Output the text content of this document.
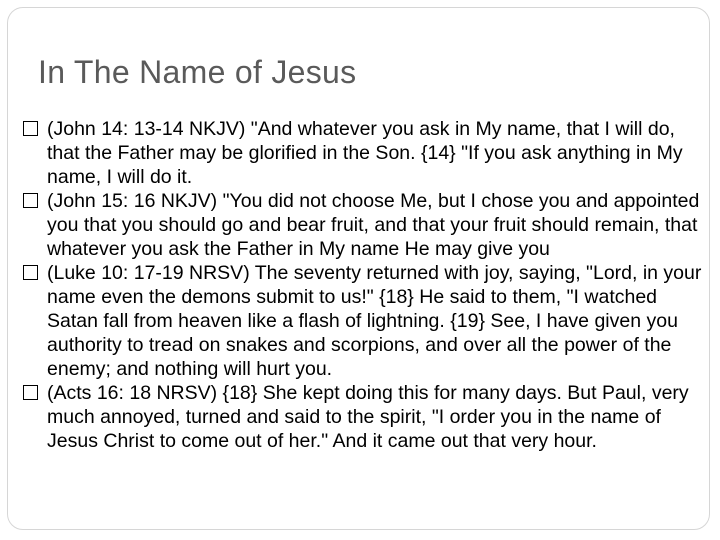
In The Name of Jesus
(John 14: 13-14 NKJV) "And whatever you ask in My name, that I will do, that the Father may be glorified in the Son. {14} "If you ask anything in My name, I will do it.
(John 15: 16 NKJV) "You did not choose Me, but I chose you and appointed you that you should go and bear fruit, and that your fruit should remain, that whatever you ask the Father in My name He may give you
(Luke 10: 17-19 NRSV) The seventy returned with joy, saying, "Lord, in your name even the demons submit to us!" {18} He said to them, "I watched Satan fall from heaven like a flash of lightning. {19} See, I have given you authority to tread on snakes and scorpions, and over all the power of the enemy; and nothing will hurt you.
(Acts 16: 18 NRSV) {18} She kept doing this for many days. But Paul, very much annoyed, turned and said to the spirit, "I order you in the name of Jesus Christ to come out of her." And it came out that very hour.
